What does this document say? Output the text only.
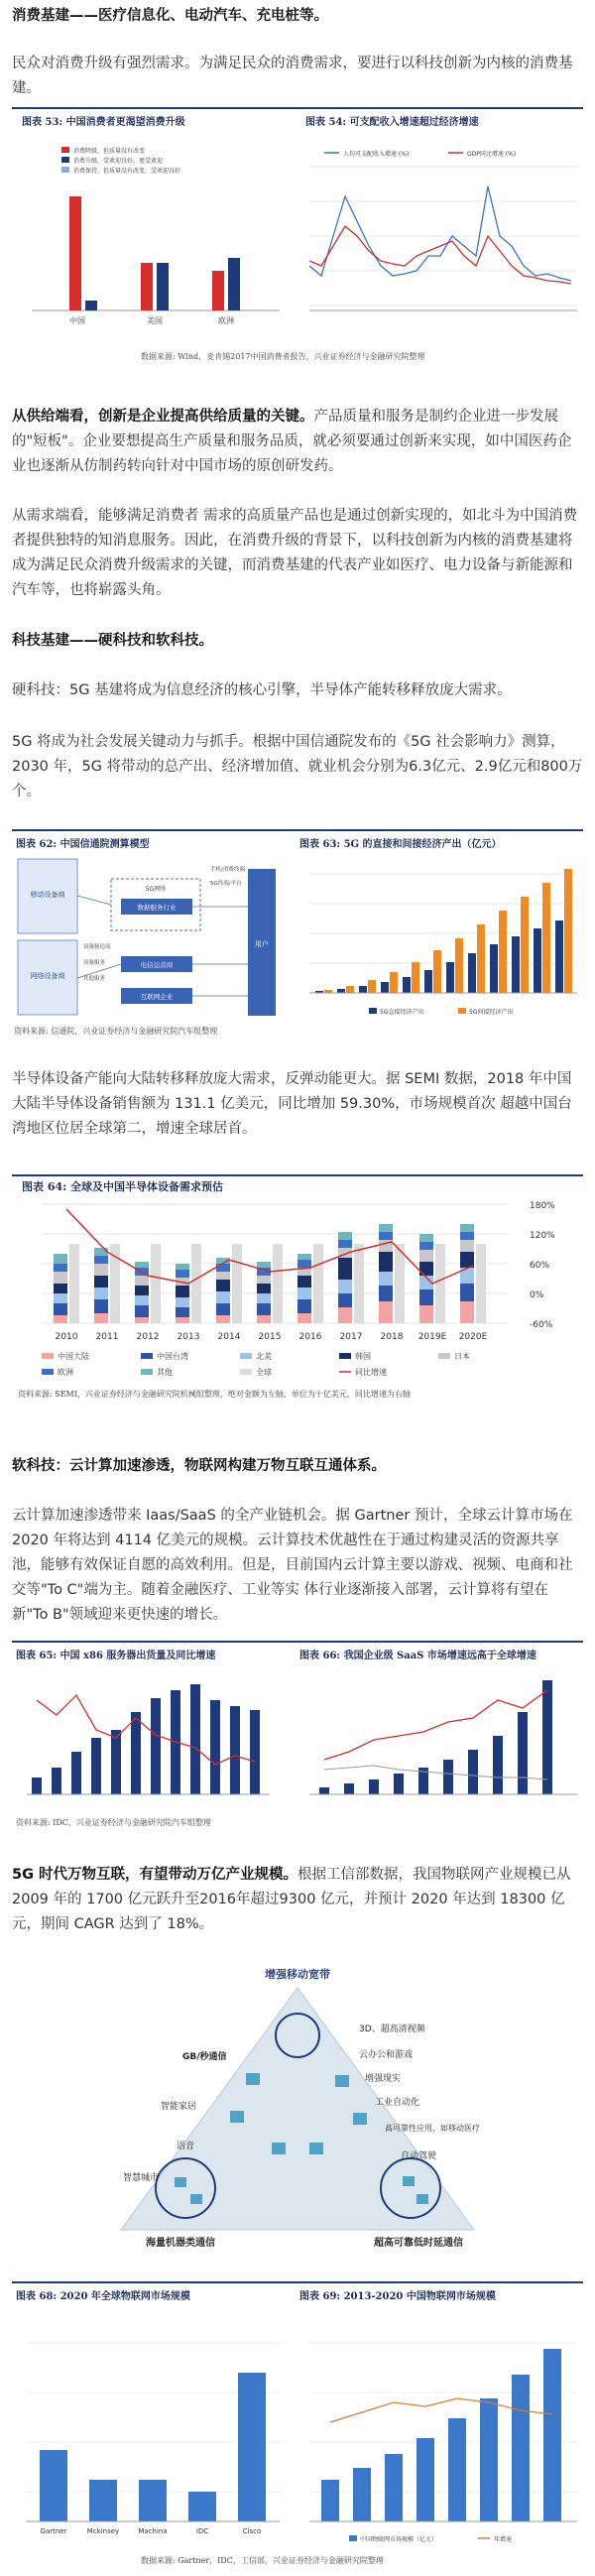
消费基建——医疗信息化、电动汽车、充电桩等。

民众对消费升级有强烈需求。为满足民众的消费需求，要进行以科技创新为内核的消费基建。

图表 53: 中国消费者更渴望消费升级	图表 54: 可支配收入增速超过经济增速
消费降级，但质量没有改变
消费升级，受欢迎良好，更受欢迎
消费保持，但质量没有改变，受欢迎良好
中国	美国	欧洲
人均可支配收入增速 (%)	GDP同比增速 (%)
数据来源: Wind，麦肯锡2017中国消费者报告，兴业证券经济与金融研究院整理

从供给端看，创新是企业提高供给质量的关键。产品质量和服务是制约企业进一步发展的"短板"。企业要想提高生产质量和服务品质，就必须要通过创新来实现，如中国医药企业也逐渐从仿制药转向针对中国市场的原创研发药。

从需求端看，能够满足消费者 需求的高质量产品也是通过创新实现的，如北斗为中国消费者提供独特的知消息服务。因此，在消费升级的背景下，以科技创新为内核的消费基建将成为满足民众消费升级需求的关键，而消费基建的代表产业如医疗、电力设备与新能源和汽车等，也将崭露头角。

科技基建——硬科技和软科技。

硬科技：5G 基建将成为信息经济的核心引擎，半导体产能转移释放庞大需求。

5G 将成为社会发展关键动力与抓手。根据中国信通院发布的《5G 社会影响力》测算，2030 年，5G 将带动的总产出、经济增加值、就业机会分别为6.3亿元、2.9亿元和800万个。

图表 62: 中国信通院测算模型	图表 63: 5G 的直接和间接经济产出（亿元）
移动设备商
网络设备商
5G网络
数据服务行业
电信运营商
互联网企业
手机/消费终端
5G终端/平台
设备制造商
设备服务
其他服务
用户
5G直接经济产出	5G间接经济产出
资料来源: 信通院，兴业证券经济与金融研究院汽车组整理

半导体设备产能向大陆转移释放庞大需求，反弹动能更大。据 SEMI 数据，2018 年中国大陆半导体设备销售额为 131.1 亿美元，同比增加 59.30%，市场规模首次 超越中国台湾地区位居全球第二，增速全球居首。

图表 64: 全球及中国半导体设备需求预估
2010 2011 2012 2013 2014 2015 2016 2017 2018 2019E 2020E
180%
120%
60%
0%
-60%
中国大陆	中国台湾	北美	韩国	日本
欧洲	其他	全球	同比增速
资料来源: SEMI，兴业证券经济与金融研究院机械组整理，绝对金额为左轴，单位为十亿美元，同比增速为右轴

软科技：云计算加速渗透，物联网构建万物互联互通体系。

云计算加速渗透带来 Iaas/SaaS 的全产业链机会。据 Gartner 预计，全球云计算市场在 2020 年将达到 4114 亿美元的规模。云计算技术优越性在于通过构建灵活的资源共享池，能够有效保证自愿的高效利用。但是，目前国内云计算主要以游戏、视频、电商和社交等"To C"端为主。随着金融医疗、工业等实 体行业逐渐接入部署，云计算将有望在新"To B"领域迎来更快速的增长。

图表 65: 中国 x86 服务器出货量及同比增速	图表 66: 我国企业级 SaaS 市场增速远高于全球增速
资料来源: IDC，兴业证券经济与金融研究院汽车组整理

5G 时代万物互联，有望带动万亿产业规模。根据工信部数据，我国物联网产业规模已从 2009 年的 1700 亿元跃升至2016年超过9300 亿元，并预计 2020 年达到 18300 亿元，期间 CAGR 达到了 18%。

增强移动宽带
GB/秒通信
智能家居
语音
智慧城市
3D、超高清视频
云办公和游戏
增强现实
工业自动化
高可靠性应用，如移动医疗
自动驾驶
海量机器类通信	超高可靠低时延通信
图表 68: 2020 年全球物联网市场规模	图表 69: 2013-2020 中国物联网市场规模
Gartner	Mckinsey	Machina	IDC	Cisco
中国物联网市场规模（亿元）	年增速
数据来源: Gartner，IDC，工信部，兴业证券经济与金融研究院整理
